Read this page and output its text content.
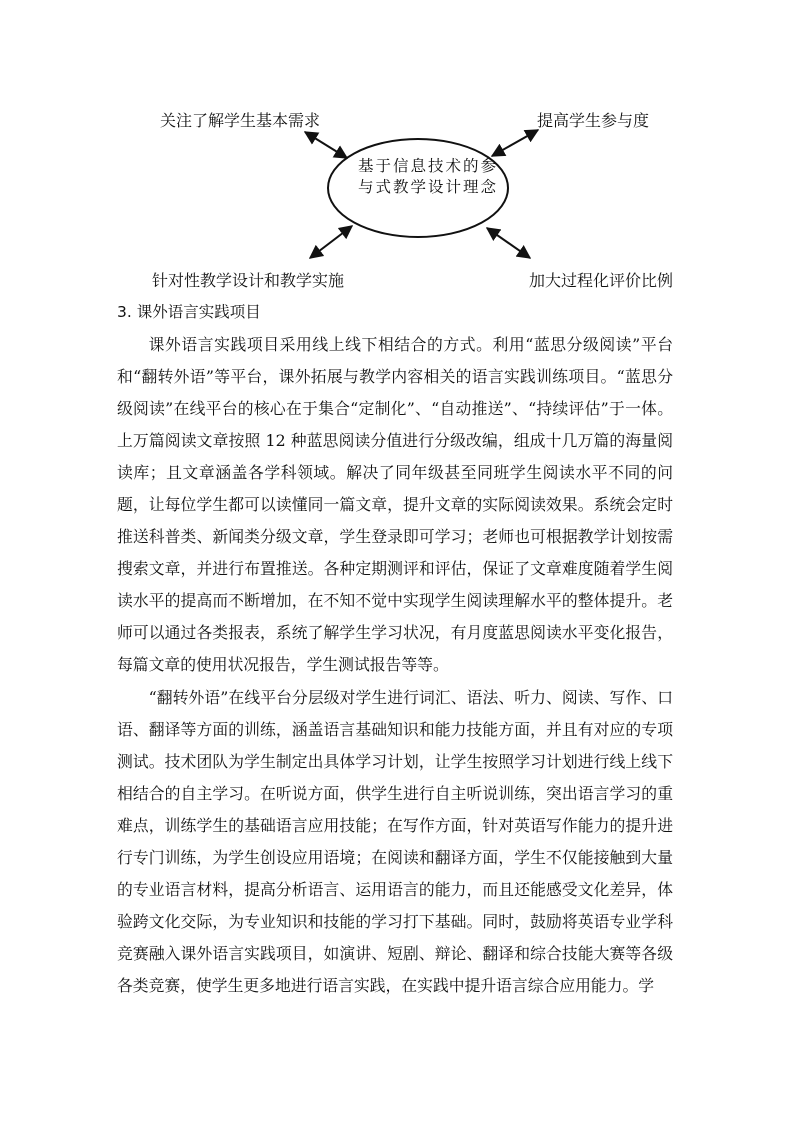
关注了解学生基本需求	提高学生参与度
针对性教学设计和教学实施	加大过程化评价比例
基于信息技术的参与式教学设计理念
3. 课外语言实践项目

课外语言实践项目采用线上线下相结合的方式。利用“蓝思分级阅读”平台和“翻转外语”等平台，课外拓展与教学内容相关的语言实践训练项目。“蓝思分级阅读”在线平台的核心在于集合“定制化”、“自动推送”、“持续评估”于一体。上万篇阅读文章按照 12 种蓝思阅读分值进行分级改编，组成十几万篇的海量阅读库；且文章涵盖各学科领域。解决了同年级甚至同班学生阅读水平不同的问题，让每位学生都可以读懂同一篇文章，提升文章的实际阅读效果。系统会定时推送科普类、新闻类分级文章，学生登录即可学习；老师也可根据教学计划按需搜索文章，并进行布置推送。各种定期测评和评估，保证了文章难度随着学生阅读水平的提高而不断增加，在不知不觉中实现学生阅读理解水平的整体提升。老师可以通过各类报表，系统了解学生学习状况，有月度蓝思阅读水平变化报告，每篇文章的使用状况报告，学生测试报告等等。

“翻转外语”在线平台分层级对学生进行词汇、语法、听力、阅读、写作、口语、翻译等方面的训练，涵盖语言基础知识和能力技能方面，并且有对应的专项测试。技术团队为学生制定出具体学习计划，让学生按照学习计划进行线上线下相结合的自主学习。在听说方面，供学生进行自主听说训练，突出语言学习的重难点，训练学生的基础语言应用技能；在写作方面，针对英语写作能力的提升进行专门训练，为学生创设应用语境；在阅读和翻译方面，学生不仅能接触到大量的专业语言材料，提高分析语言、运用语言的能力，而且还能感受文化差异，体验跨文化交际，为专业知识和技能的学习打下基础。同时，鼓励将英语专业学科竞赛融入课外语言实践项目，如演讲、短剧、辩论、翻译和综合技能大赛等各级各类竞赛，使学生更多地进行语言实践，在实践中提升语言综合应用能力。学
